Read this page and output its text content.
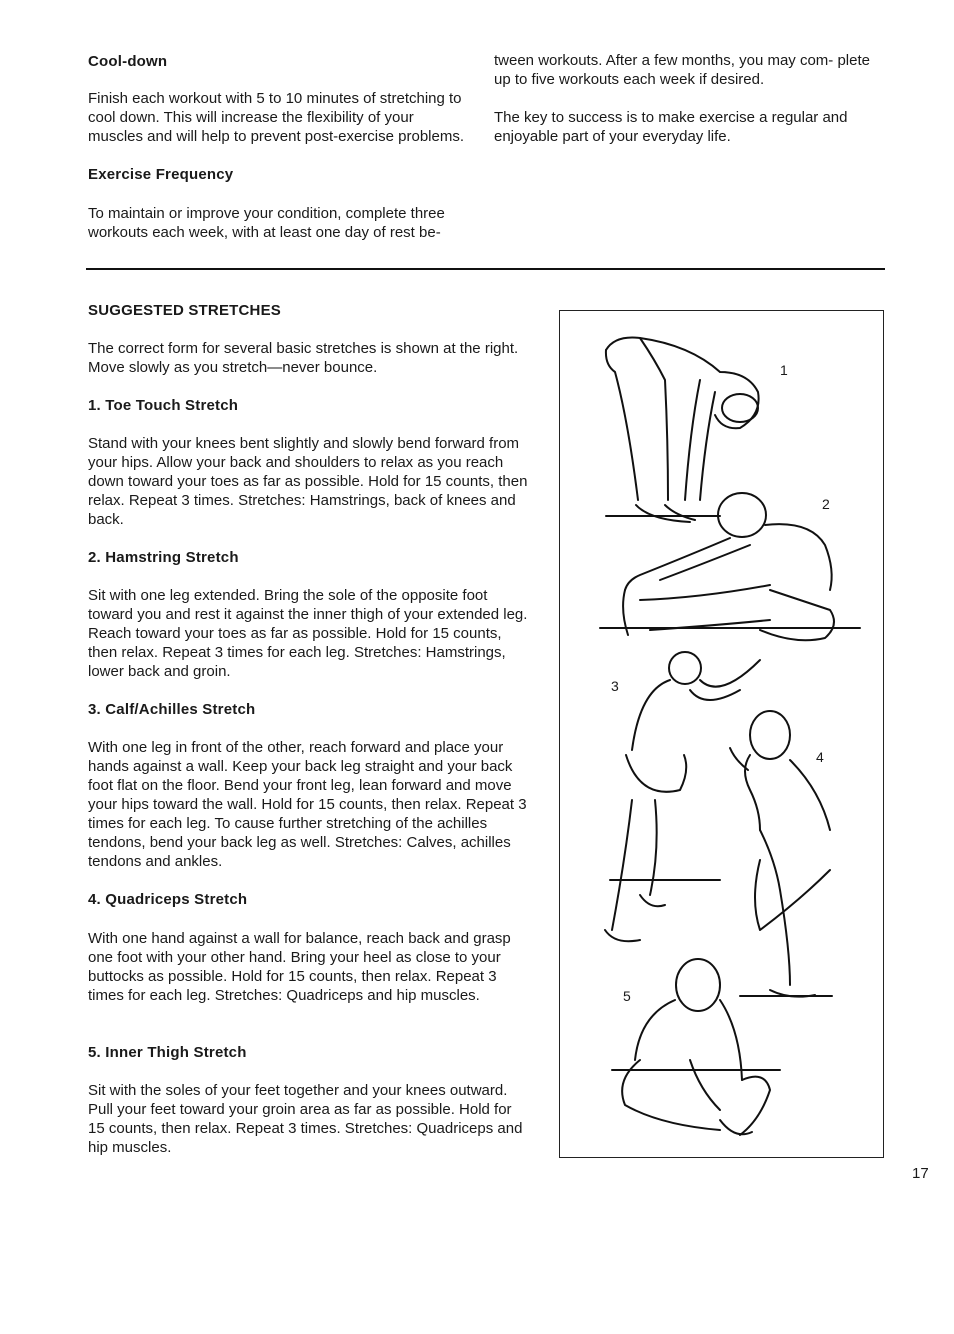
Cool-down
Finish each workout with 5 to 10 minutes of stretching to cool down. This will increase the flexibility of your muscles and will help to prevent post-exercise problems.
Exercise Frequency
To maintain or improve your condition, complete three workouts each week, with at least one day of rest be-
tween workouts. After a few months, you may com- plete up to five workouts each week if desired.
The key to success is to make exercise a regular and enjoyable part of your everyday life.
SUGGESTED STRETCHES
The correct form for several basic stretches is shown at the right. Move slowly as you stretch—never bounce.
1. Toe Touch Stretch
Stand with your knees bent slightly and slowly bend forward from your hips. Allow your back and shoulders to relax as you reach down toward your toes as far as possible. Hold for 15 counts, then relax. Repeat 3 times. Stretches: Hamstrings, back of knees and back.
2. Hamstring Stretch
Sit with one leg extended. Bring the sole of the opposite foot toward you and rest it against the inner thigh of your extended leg. Reach toward your toes as far as possible. Hold for 15 counts, then relax. Repeat 3 times for each leg. Stretches: Hamstrings, lower back and groin.
3. Calf/Achilles Stretch
With one leg in front of the other, reach forward and place your hands against a wall. Keep your back leg straight and your back foot flat on the floor. Bend your front leg, lean forward and move your hips toward the wall. Hold for 15 counts, then relax. Repeat 3 times for each leg. To cause further stretching of the achilles tendons, bend your back leg as well. Stretches: Calves, achilles tendons and ankles.
4. Quadriceps Stretch
With one hand against a wall for balance, reach back and grasp one foot with your other hand. Bring your heel as close to your buttocks as possible. Hold for 15 counts, then relax. Repeat 3 times for each leg. Stretches: Quadriceps and hip muscles.
5. Inner Thigh Stretch
Sit with the soles of your feet together and your knees outward. Pull your feet toward your groin area as far as possible. Hold for 15 counts, then relax. Repeat 3 times. Stretches: Quadriceps and hip muscles.
1
2
3
4
5
17
